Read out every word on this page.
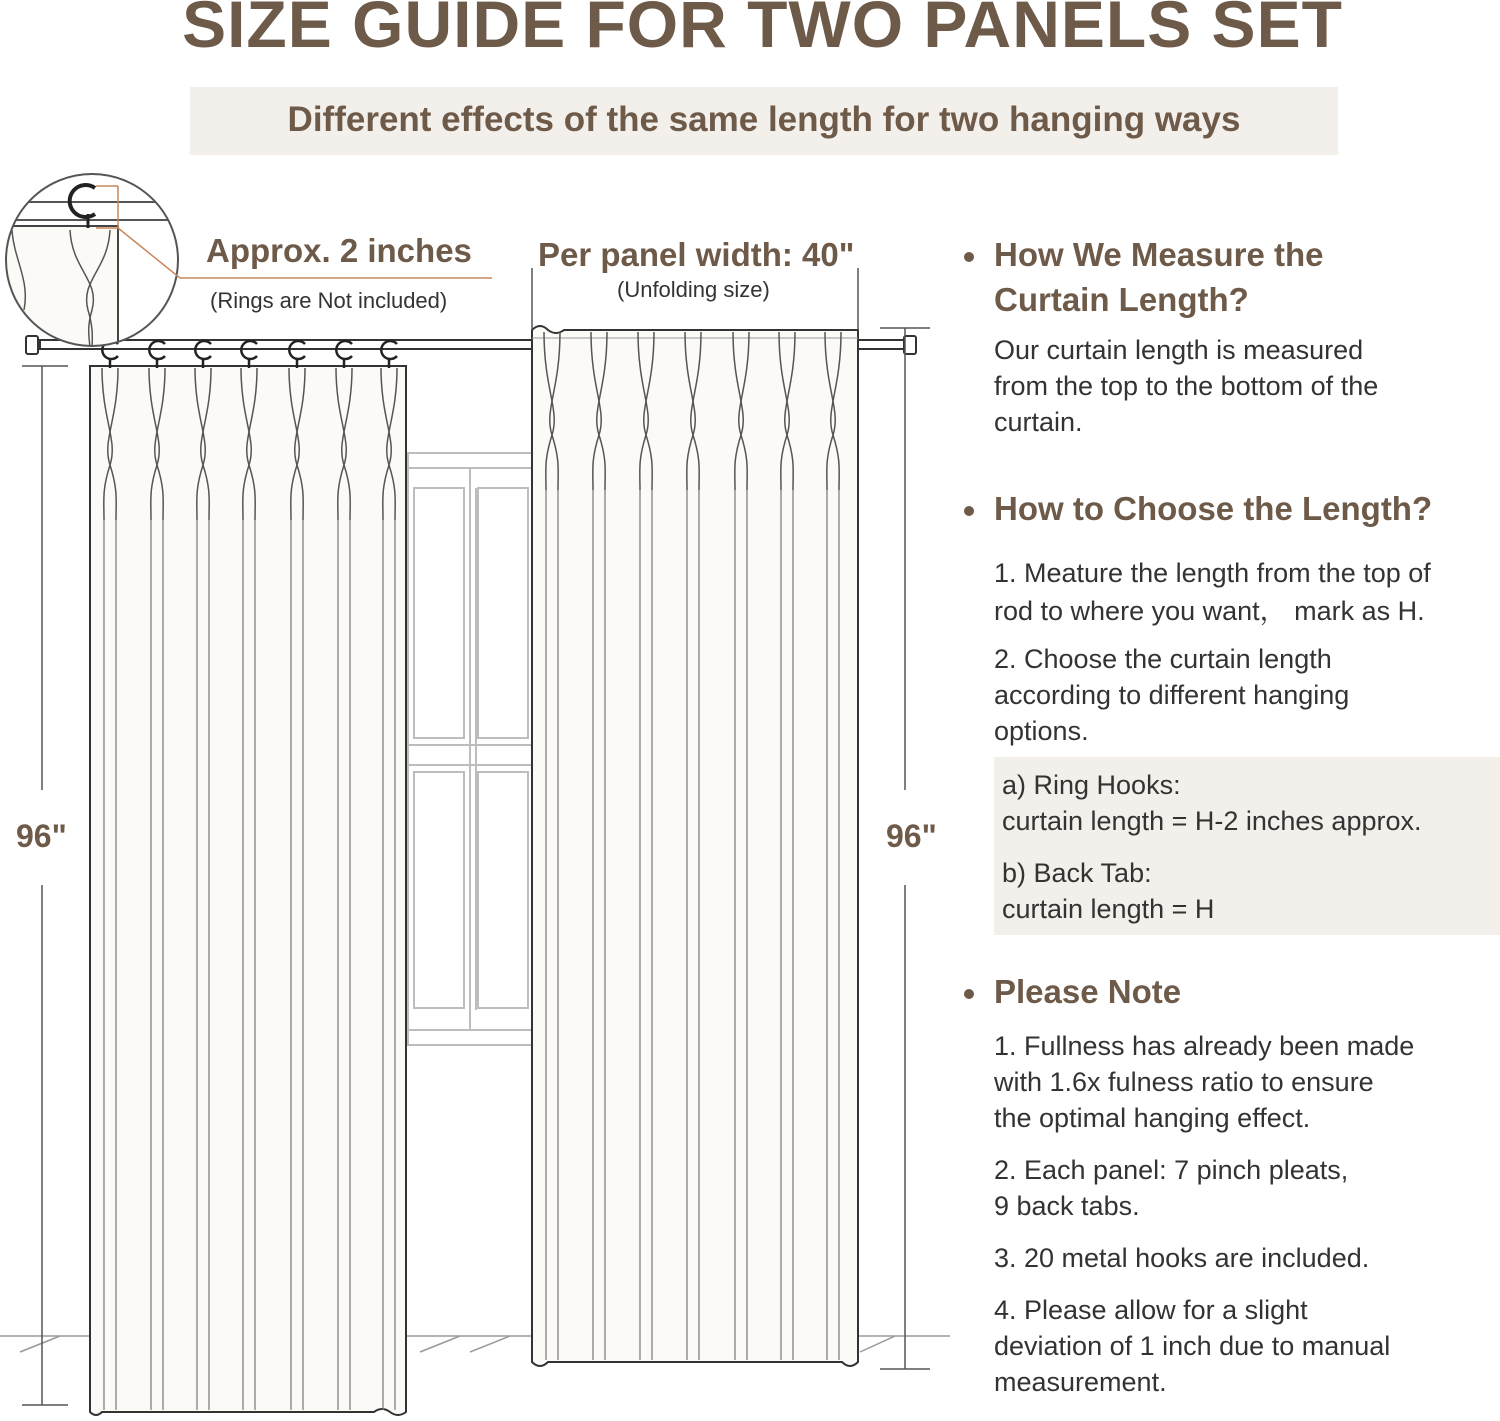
SIZE GUIDE FOR TWO PANELS SET
Different effects of the same length for two hanging ways
Approx. 2 inches
(Rings are Not included)
Per panel width: 40"
(Unfolding size)
96"	96"
How We Measure the
Curtain Length?

Our curtain length is measured

from the top to the bottom of the

curtain.

How to Choose the Length?

1. Meature the length from the top of

rod to where you want， mark as H.

2. Choose the curtain length

according to different hanging

options.

a) Ring Hooks:

curtain length = H-2 inches approx.

b) Back Tab:

curtain length = H

Please Note

1. Fullness has already been made

with 1.6x fulness ratio to ensure

the optimal hanging effect.

2. Each panel: 7 pinch pleats,

9 back tabs.

3. 20 metal hooks are included.

4. Please allow for a slight

deviation of 1 inch due to manual

measurement.
